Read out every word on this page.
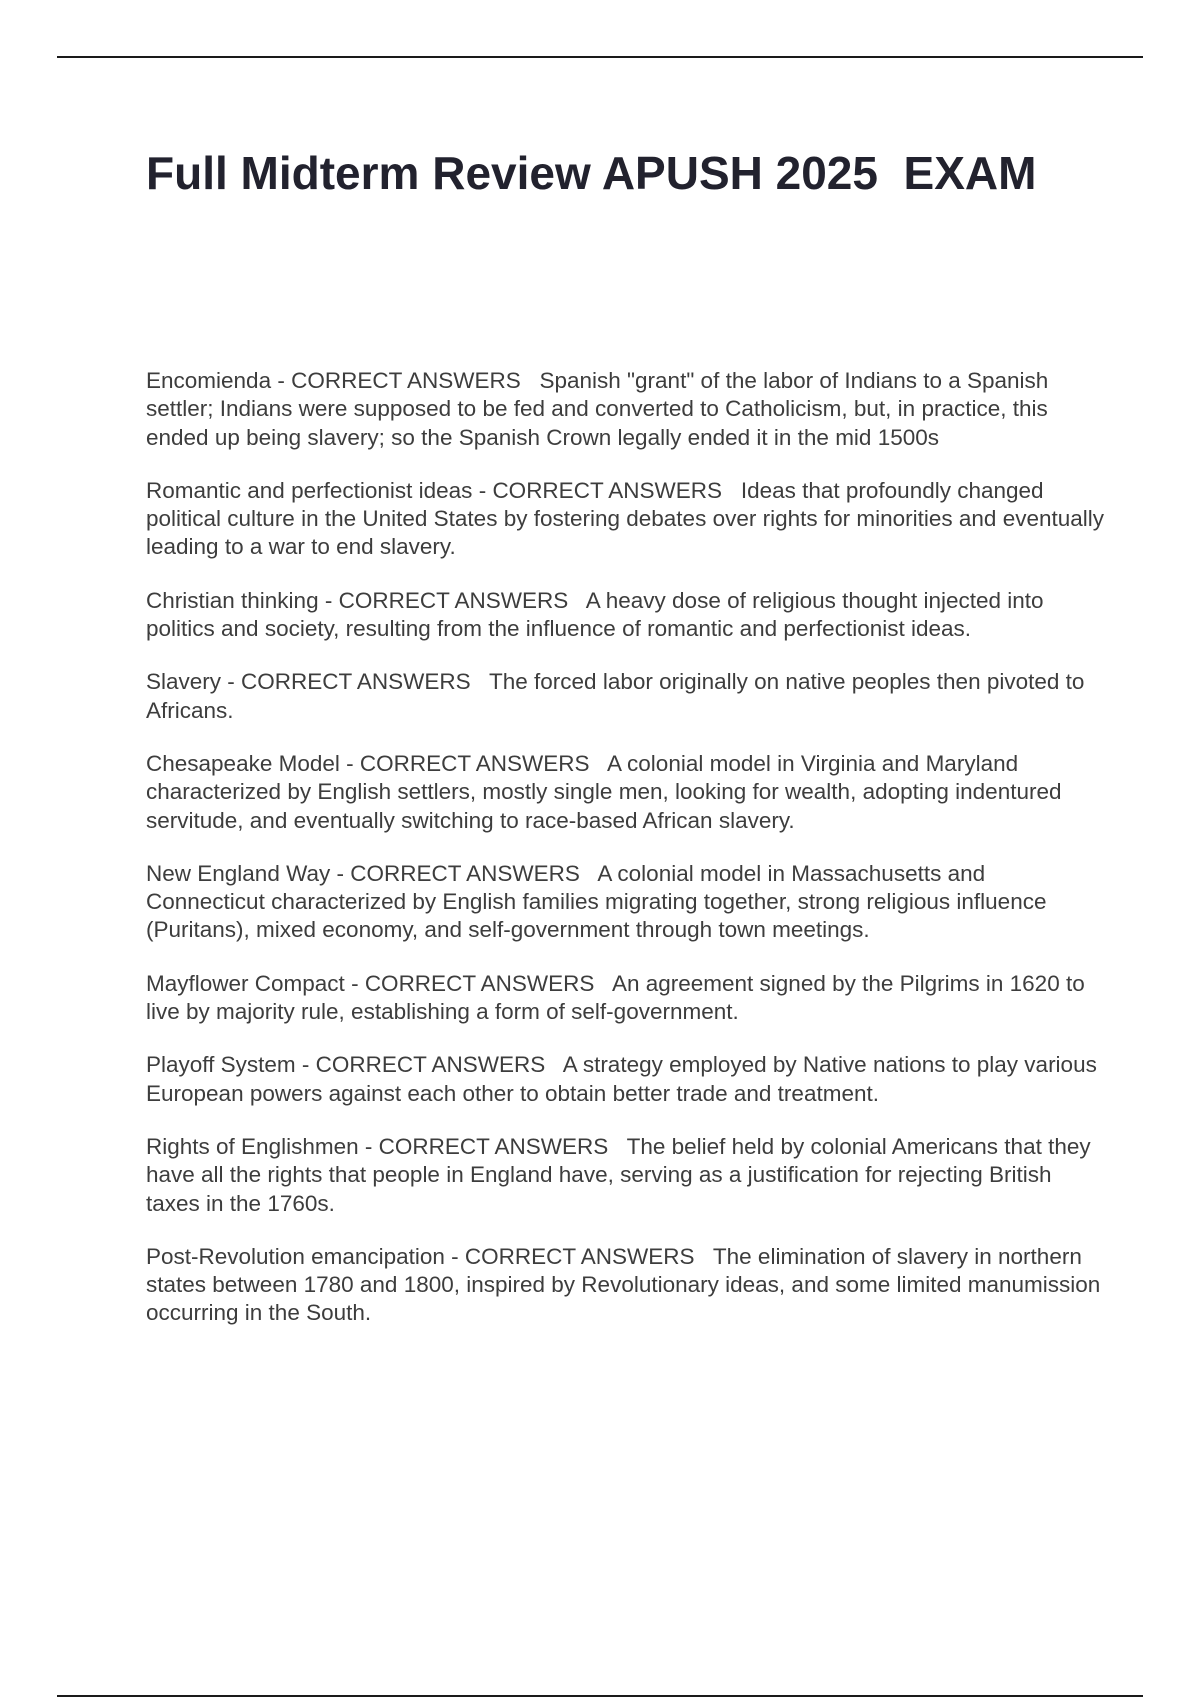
Full Midterm Review APUSH 2025  EXAM

Encomienda - CORRECT ANSWERS Spanish "grant" of the labor of Indians to a Spanish settler; Indians were supposed to be fed and converted to Catholicism, but, in practice, this ended up being slavery; so the Spanish Crown legally ended it in the mid 1500s

Romantic and perfectionist ideas - CORRECT ANSWERS Ideas that profoundly changed political culture in the United States by fostering debates over rights for minorities and eventually leading to a war to end slavery.

Christian thinking - CORRECT ANSWERS A heavy dose of religious thought injected into politics and society, resulting from the influence of romantic and perfectionist ideas.

Slavery - CORRECT ANSWERS The forced labor originally on native peoples then pivoted to Africans.

Chesapeake Model - CORRECT ANSWERS A colonial model in Virginia and Maryland characterized by English settlers, mostly single men, looking for wealth, adopting indentured servitude, and eventually switching to race-based African slavery.

New England Way - CORRECT ANSWERS A colonial model in Massachusetts and Connecticut characterized by English families migrating together, strong religious influence (Puritans), mixed economy, and self-government through town meetings.

Mayflower Compact - CORRECT ANSWERS An agreement signed by the Pilgrims in 1620 to live by majority rule, establishing a form of self-government.

Playoff System - CORRECT ANSWERS A strategy employed by Native nations to play various European powers against each other to obtain better trade and treatment.

Rights of Englishmen - CORRECT ANSWERS The belief held by colonial Americans that they have all the rights that people in England have, serving as a justification for rejecting British taxes in the 1760s.

Post-Revolution emancipation - CORRECT ANSWERS The elimination of slavery in northern states between 1780 and 1800, inspired by Revolutionary ideas, and some limited manumission occurring in the South.
